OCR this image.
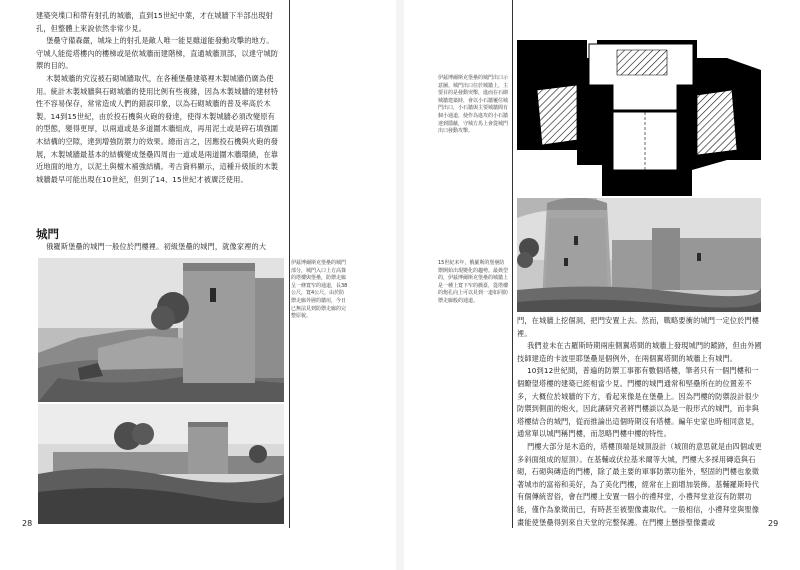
建築突堞口和帶有射孔的城牆，直到15世紀中葉，才在城牆下半部出現射孔，但整體上來說依然非常少見。

堡壘守備森嚴，城垛上的射孔是敵人唯一能見雖道能發動攻擊的地方。守城人能從塔樓內的樓梯或是依城牆而建階梯，直通城牆頂部，以達守城防禦的目的。

木製城牆的究沒被石砌城牆取代，在各種堡壘建築裡木製城牆仍廣為使用。統計木製城牆與石砌城牆的使用比例有些複雜，因為木製城牆的建材特性不容易保存，常常造成人們的錯誤印象，以為石砌城牆的普及率高於木製。14到15世紀，由於投石機與火砲的發達，使得木製城牆必須改變原有的型態，變得更厚，以兩道或是多道圍木牆組成，再用泥土或是碎石填強圍木結構的空隙，達到增強防禦力的效果。總而言之，因應投石機與火砲的發展，木製城牆最基本的結構變成堡壘四周由一道或是兩道圍木牆環繞，在靠近地面的地方，以泥土與檀木補強結構。考古資料顯示，這種升級版的木製城牆最早可能出現在10世紀，但到了14、15世紀才被廣泛使用。

城門

俄羅斯堡壘的城門一般位於門樓裡。初級堡壘的城門，就像家裡的大

伊茲博爾斯克堡壘的城門部分，城門入口上方高聳的塔樓與堡壘，防禦走廊呈一條寬窄的通道，長38公尺，寬4公尺，由於防禦走廊外層的牆垣，今日已無法見到防禦走廊的完整原貌。
28
伊茲博爾斯克堡壘的城門出口示意圖。城門出口位於城牆上，主要目的是發動突擊，進而在石砌城牆建築時，會以小石牆覆住城門出口，小石牆與主要城牆間有個小通道，使作為進攻的小石牆達到隱蔽，守城方馬上會從城門出口發動攻擊。
15世紀末年，俄羅斯的堡壘防禦開始出現變化的趨勢。最典型的，伊茲博爾斯克堡壘的城牆上是一種上寬下窄的戲臺，從塔樓的炮孔向上可以見到一道如同防禦走廊般的通道。

門，在城牆上挖個洞，把門安置上去。然而，戰略要衝的城門一定位於門樓裡。

我們並未在古羅斯時期兩座側翼塔間的城牆上發現城門的蹤跡，但由外國技師建造的卡波里耶堡壘是個例外，在兩個翼塔間的城牆上有城門。

10到12世紀間，普遍的防禦工事都有數個塔樓，筆者只有一個門樓和一個瞭望塔樓的建築已經相當少見。門樓的城門通常和堅壘所在的位置差不多，大概位於城牆的下方，看起來像是在堡壘上。因為門樓的防禦設計很少防禦到側面的炮火，因此讓研究者將門樓談以為是一般形式的城門，而非與塔樓結合的城門，從而推論出這個時期沒有塔樓。編年史家也時相同意見，通常單以城門稱門樓，而忽略門樓中樓的特性。

門樓大部分是木造的，塔樓頂端是城頂設計（城頂的意思就是由四個或更多斜面組成的屋頂）。在基輔或伏拉基米爾等大城，門樓大多採用磚造與石砌，石砌與磚造的門樓，除了最主要的軍事防禦功能外，堅固的門樓也象徵著城市的富裕和美好，為了美化門樓，經常在上面增加裝飾。基輔羅斯時代有個傳統習俗，會在門樓上安置一個小的禮拜堂，小禮拜堂並沒有防禦功能，僅作為象徵而已，有時甚至被聖像畫取代。一般相信，小禮拜堂與聖像畫能使堡壘得到來自天堂的完整保護。在門樓上懸掛聖像畫或	29
